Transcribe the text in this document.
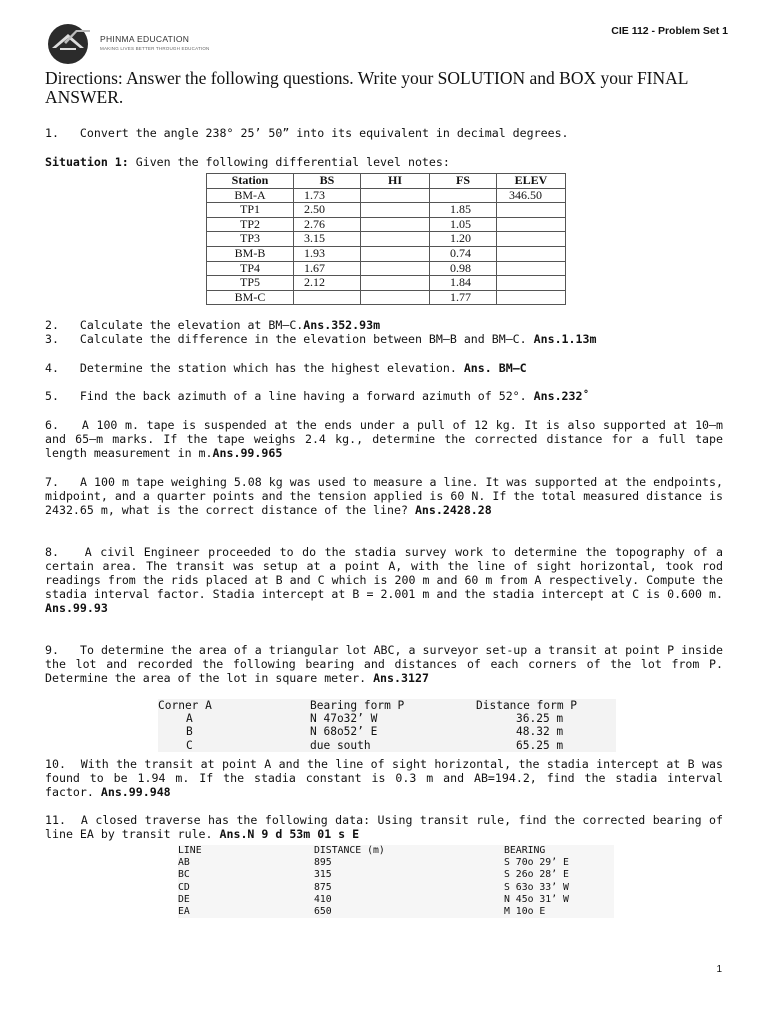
PHINMA EDUCATION
MAKING LIVES BETTER THROUGH EDUCATION
CIE 112 - Problem Set 1
Directions: Answer the following questions. Write your SOLUTION and BOX your FINAL ANSWER.
1. Convert the angle 238° 25’ 50” into its equivalent in decimal degrees.
Situation 1: Given the following differential level notes:
Station	BS	HI	FS	ELEV
BM-A	1.73			346.50
TP1	2.50		1.85	
TP2	2.76		1.05	
TP3	3.15		1.20	
BM-B	1.93		0.74	
TP4	1.67		0.98	
TP5	2.12		1.84	
BM-C			1.77	
2. Calculate the elevation at BM–C.Ans.352.93m
3. Calculate the difference in the elevation between BM–B and BM–C. Ans.1.13m
4. Determine the station which has the highest elevation. Ans. BM–C
5. Find the back azimuth of a line having a forward azimuth of 52°. Ans.232˚
6. A 100 m. tape is suspended at the ends under a pull of 12 kg. It is also supported at 10–m and 65–m marks. If the tape weighs 2.4 kg., determine the corrected distance for a full tape length measurement in m.Ans.99.965
7. A 100 m tape weighing 5.08 kg was used to measure a line. It was supported at the endpoints, midpoint, and a quarter points and the tension applied is 60 N. If the total measured distance is 2432.65 m, what is the correct distance of the line? Ans.2428.28
8. A civil Engineer proceeded to do the stadia survey work to determine the topography of a certain area. The transit was setup at a point A, with the line of sight horizontal, took rod readings from the rids placed at B and C which is 200 m and 60 m from A respectively. Compute the stadia interval factor. Stadia intercept at B = 2.001 m and the stadia intercept at C is 0.600 m. Ans.99.93
9. To determine the area of a triangular lot ABC, a surveyor set-up a transit at point P inside the lot and recorded the following bearing and distances of each corners of the lot from P. Determine the area of the lot in square meter. Ans.3127
Corner A	Bearing form P	Distance form P
A	N 47o32’ W	36.25 m
B	N 68o52’ E	48.32 m
C	due south	65.25 m
10. With the transit at point A and the line of sight horizontal, the stadia intercept at B was found to be 1.94 m. If the stadia constant is 0.3 m and AB=194.2, find the stadia interval factor. Ans.99.948
11. A closed traverse has the following data: Using transit rule, find the corrected bearing of line EA by transit rule. Ans.N 9 d 53m 01 s E
LINE	DISTANCE (m)	BEARING
AB	895	S 70o 29’ E
BC	315	S 26o 28’ E
CD	875	S 63o 33’ W
DE	410	N 45o 31’ W
EA	650	M 10o E
1
